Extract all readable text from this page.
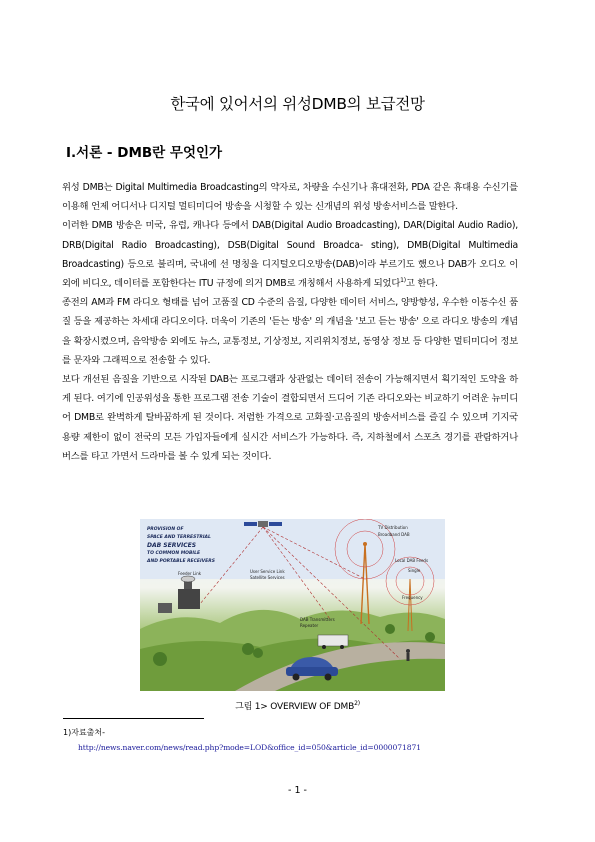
한국에 있어서의 위성DMB의 보급전망
Ⅰ.서론 - DMB란 무엇인가

위성 DMB는 Digital Multimedia Broadcasting의 약자로, 차량을 수신기나 휴대전화, PDA 같은 휴대용 수신기를 이용해 언제 어디서나 디지털 멀티미디어 방송을 시청할 수 있는 신개념의 위성 방송서비스를 말한다.

이러한 DMB 방송은 미국, 유럽, 캐나다 등에서 DAB(Digital Audio Broadcasting), DAR(Digital Audio Radio), DRB(Digital Radio Broadcasting), DSB(Digital Sound Broadca- sting), DMB(Digital Multimedia Broadcasting) 등으로 불리며, 국내에 선 명칭을 디지털오디오방송(DAB)이라 부르기도 했으나 DAB가 오디오 이외에 비디오, 데이터를 포함한다는 ITU 규정에 의거 DMB로 개칭해서 사용하게 되었다$^{1)}$고 한다.

종전의 AM과 FM 라디오 형태를 넘어 고품질 CD 수준의 음질, 다양한 데이터 서비스, 양방향성, 우수한 이동수신 품질 등을 제공하는 차세대 라디오이다. 더욱이 기존의 '듣는 방송' 의 개념을 '보고 듣는 방송' 으로 라디오 방송의 개념을 확장시켰으며, 음악방송 외에도 뉴스, 교통정보, 기상정보, 지리위치정보, 동영상 정보 등 다양한 멀티미디어 정보를 문자와 그래픽으로 전송할 수 있다.

보다 개선된 음질을 기반으로 시작된 DAB는 프로그램과 상관없는 데이터 전송이 가능해지면서 획기적인 도약을 하게 된다. 여기에 인공위성을 통한 프로그램 전송 기술이 결합되면서 드디어 기존 라디오와는 비교하기 어려운 뉴미디어 DMB로 완벽하게 탈바꿈하게 된 것이다. 저렴한 가격으로 고화질·고음질의 방송서비스를 즐길 수 있으며 기지국 용량 제한이 없이 전국의 모든 가입자들에게 실시간 서비스가 가능하다. 즉, 지하철에서 스포츠 경기를 관람하거나 버스를 타고 가면서 드라마를 볼 수 있게 되는 것이다.

TV Distribution
Broadband DAB
Single
Local DAB Feeds
Frequency
User Service Link
Satellite Services
Feeder Link
DAB Transmitters
Repeater
PROVISION OF
SPACE AND TERRESTRIAL
DAB SERVICES
TO COMMON MOBILE
AND PORTABLE RECEIVERS
그림 1> OVERVIEW OF DMB$^{2)}$
1)자료출처-
http://news.naver.com/news/read.php?mode=LOD&office_id=050&article_id=0000071871
- 1 -
